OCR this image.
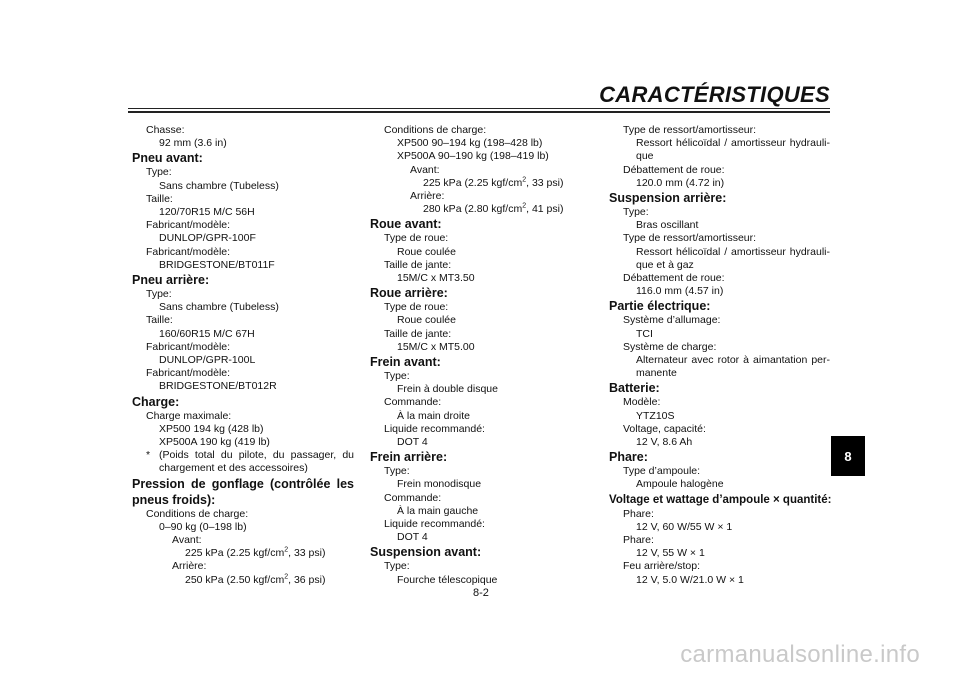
CARACTÉRISTIQUES
Chasse:
92 mm (3.6 in)
Pneu avant:
Type:
Sans chambre (Tubeless)
Taille:
120/70R15 M/C 56H
Fabricant/modèle:
DUNLOP/GPR-100F
Fabricant/modèle:
BRIDGESTONE/BT011F
Pneu arrière:
Type:
Sans chambre (Tubeless)
Taille:
160/60R15 M/C 67H
Fabricant/modèle:
DUNLOP/GPR-100L
Fabricant/modèle:
BRIDGESTONE/BT012R
Charge:
Charge maximale:
XP500 194 kg (428 lb)
XP500A 190 kg (419 lb)
* (Poids total du pilote, du passager, du
chargement et des accessoires)
Pression de gonflage (contrôlée les
pneus froids):
Conditions de charge:
0–90 kg (0–198 lb)
Avant:
225 kPa (2.25 kgf/$cm^2$, 33 psi)
Arrière:
250 kPa (2.50 kgf/$cm^2$, 36 psi)
Conditions de charge:
XP500 90–194 kg (198–428 lb)
XP500A 90–190 kg (198–419 lb)
Avant:
225 kPa (2.25 kgf/$cm^2$, 33 psi)
Arrière:
280 kPa (2.80 kgf/$cm^2$, 41 psi)
Roue avant:
Type de roue:
Roue coulée
Taille de jante:
15M/C x MT3.50
Roue arrière:
Type de roue:
Roue coulée
Taille de jante:
15M/C x MT5.00
Frein avant:
Type:
Frein à double disque
Commande:
À la main droite
Liquide recommandé:
DOT 4
Frein arrière:
Type:
Frein monodisque
Commande:
À la main gauche
Liquide recommandé:
DOT 4
Suspension avant:
Type:
Fourche télescopique
Type de ressort/amortisseur:
Ressort hélicoïdal / amortisseur hydrauli-
que
Débattement de roue:
120.0 mm (4.72 in)
Suspension arrière:
Type:
Bras oscillant
Type de ressort/amortisseur:
Ressort hélicoïdal / amortisseur hydrauli-
que et à gaz
Débattement de roue:
116.0 mm (4.57 in)
Partie électrique:
Système d’allumage:
TCI
Système de charge:
Alternateur avec rotor à aimantation per-
manente
Batterie:
Modèle:
YTZ10S
Voltage, capacité:
12 V, 8.6 Ah
Phare:
Type d’ampoule:
Ampoule halogène
Voltage et wattage d’ampoule × quantité:
Phare:
12 V, 60 W/55 W × 1
Phare:
12 V, 55 W × 1
Feu arrière/stop:
12 V, 5.0 W/21.0 W × 1
8
8-2
carmanualsonline.info
